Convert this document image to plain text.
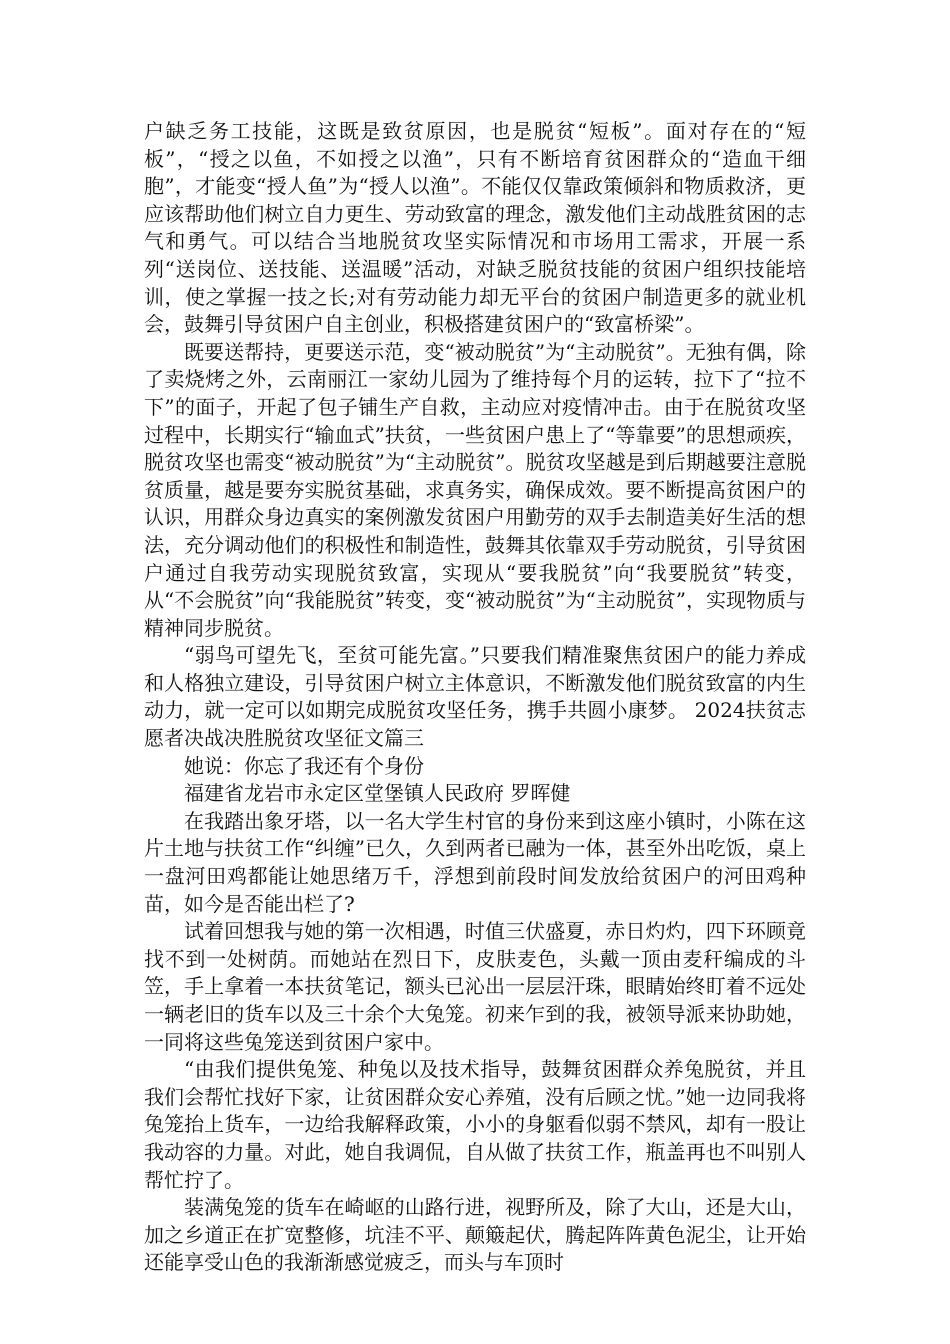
户缺乏务工技能，这既是致贫原因，也是脱贫“短板”。面对存在的“短板”，“授之以鱼，不如授之以渔”，只有不断培育贫困群众的“造血干细胞”，才能变“授人鱼”为“授人以渔”。不能仅仅靠政策倾斜和物质救济，更应该帮助他们树立自力更生、劳动致富的理念，激发他们主动战胜贫困的志气和勇气。可以结合当地脱贫攻坚实际情况和市场用工需求，开展一系列“送岗位、送技能、送温暖”活动，对缺乏脱贫技能的贫困户组织技能培训，使之掌握一技之长;对有劳动能力却无平台的贫困户制造更多的就业机会，鼓舞引导贫困户自主创业，积极搭建贫困户的“致富桥梁”。

既要送帮持，更要送示范，变“被动脱贫”为“主动脱贫”。无独有偶，除了卖烧烤之外，云南丽江一家幼儿园为了维持每个月的运转，拉下了“拉不下”的面子，开起了包子铺生产自救，主动应对疫情冲击。由于在脱贫攻坚过程中，长期实行“输血式”扶贫，一些贫困户患上了“等靠要”的思想顽疾，脱贫攻坚也需变“被动脱贫”为“主动脱贫”。脱贫攻坚越是到后期越要注意脱贫质量，越是要夯实脱贫基础，求真务实，确保成效。要不断提高贫困户的认识，用群众身边真实的案例激发贫困户用勤劳的双手去制造美好生活的想法，充分调动他们的积极性和制造性，鼓舞其依靠双手劳动脱贫，引导贫困户通过自我劳动实现脱贫致富，实现从“要我脱贫”向“我要脱贫”转变，从“不会脱贫”向“我能脱贫”转变，变“被动脱贫”为“主动脱贫”，实现物质与精神同步脱贫。

“弱鸟可望先飞，至贫可能先富。”只要我们精准聚焦贫困户的能力养成和人格独立建设，引导贫困户树立主体意识，不断激发他们脱贫致富的内生动力，就一定可以如期完成脱贫攻坚任务，携手共圆小康梦。 2024扶贫志愿者决战决胜脱贫攻坚征文篇三

她说：你忘了我还有个身份

福建省龙岩市永定区堂堡镇人民政府 罗晖健

在我踏出象牙塔，以一名大学生村官的身份来到这座小镇时，小陈在这片土地与扶贫工作“纠缠”已久，久到两者已融为一体，甚至外出吃饭，桌上一盘河田鸡都能让她思绪万千，浮想到前段时间发放给贫困户的河田鸡种苗，如今是否能出栏了?

试着回想我与她的第一次相遇，时值三伏盛夏，赤日灼灼，四下环顾竟找不到一处树荫。而她站在烈日下，皮肤麦色，头戴一顶由麦秆编成的斗笠，手上拿着一本扶贫笔记，额头已沁出一层层汗珠，眼睛始终盯着不远处一辆老旧的货车以及三十余个大兔笼。初来乍到的我，被领导派来协助她，一同将这些兔笼送到贫困户家中。

“由我们提供兔笼、种兔以及技术指导，鼓舞贫困群众养兔脱贫，并且我们会帮忙找好下家，让贫困群众安心养殖，没有后顾之忧。”她一边同我将兔笼抬上货车，一边给我解释政策，小小的身躯看似弱不禁风，却有一股让我动容的力量。对此，她自我调侃，自从做了扶贫工作，瓶盖再也不叫别人帮忙拧了。

装满兔笼的货车在崎岖的山路行进，视野所及，除了大山，还是大山，加之乡道正在扩宽整修，坑洼不平、颠簸起伏，腾起阵阵黄色泥尘，让开始还能享受山色的我渐渐感觉疲乏，而头与车顶时
